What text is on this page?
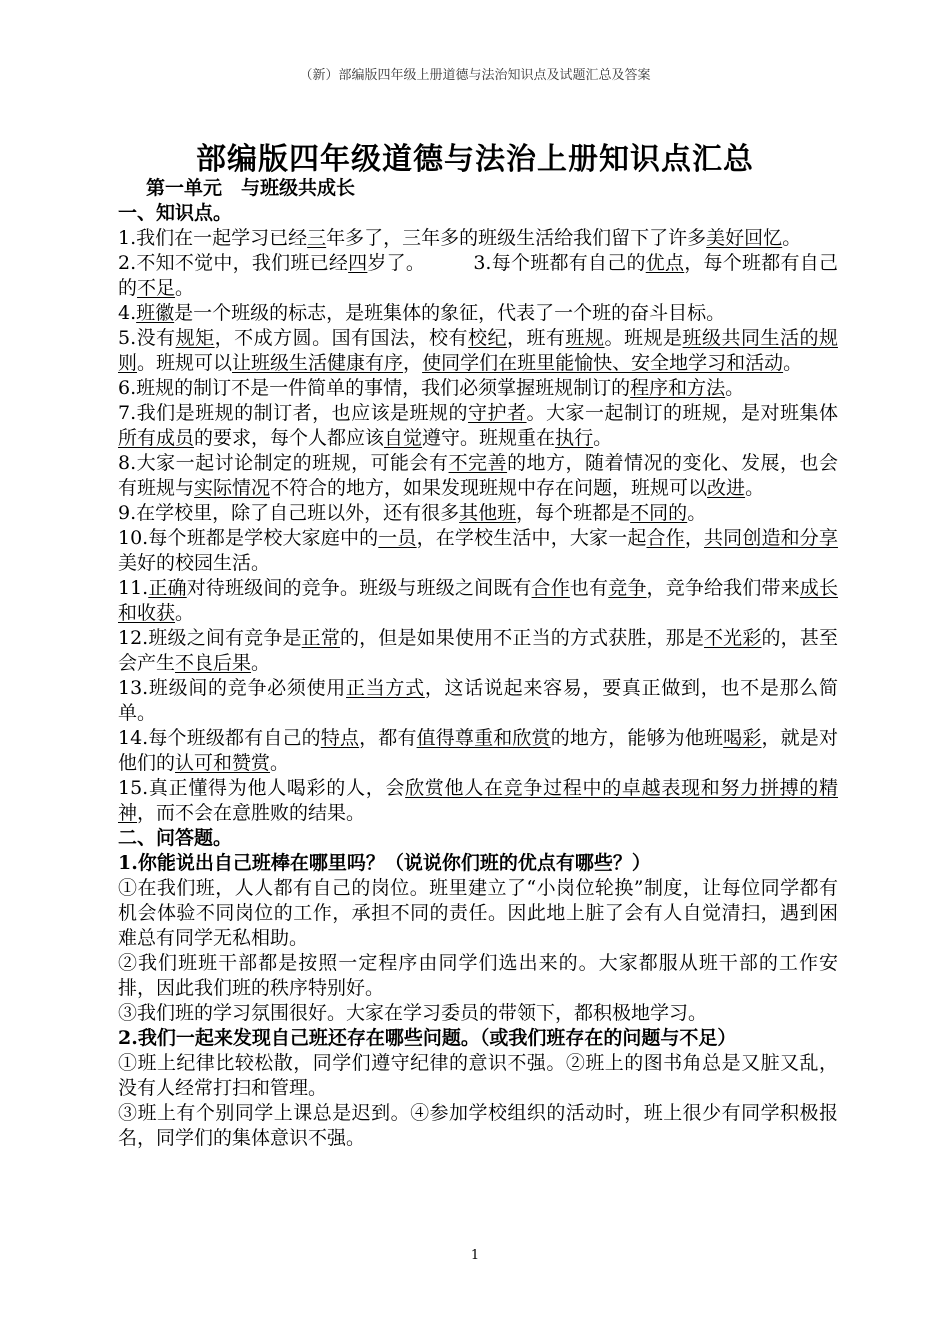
（新）部编版四年级上册道德与法治知识点及试题汇总及答案
部编版四年级道德与法治上册知识点汇总
第一单元　与班级共成长
一、知识点。
1.我们在一起学习已经三年多了，三年多的班级生活给我们留下了许多美好回忆。
2.不知不觉中，我们班已经四岁了。　　　3.每个班都有自己的优点，每个班都有自己的不足。
4.班徽是一个班级的标志，是班集体的象征，代表了一个班的奋斗目标。
5.没有规矩，不成方圆。国有国法，校有校纪，班有班规。班规是班级共同生活的规则。班规可以让班级生活健康有序，使同学们在班里能愉快、安全地学习和活动。
6.班规的制订不是一件简单的事情，我们必须掌握班规制订的程序和方法。
7.我们是班规的制订者，也应该是班规的守护者。大家一起制订的班规，是对班集体所有成员的要求，每个人都应该自觉遵守。班规重在执行。
8.大家一起讨论制定的班规，可能会有不完善的地方，随着情况的变化、发展，也会有班规与实际情况不符合的地方，如果发现班规中存在问题，班规可以改进。
9.在学校里，除了自己班以外，还有很多其他班，每个班都是不同的。
10.每个班都是学校大家庭中的一员，在学校生活中，大家一起合作，共同创造和分享美好的校园生活。
11.正确对待班级间的竞争。班级与班级之间既有合作也有竞争，竞争给我们带来成长和收获。
12.班级之间有竞争是正常的，但是如果使用不正当的方式获胜，那是不光彩的，甚至会产生不良后果。
13.班级间的竞争必须使用正当方式，这话说起来容易，要真正做到，也不是那么简单。
14.每个班级都有自己的特点，都有值得尊重和欣赏的地方，能够为他班喝彩，就是对他们的认可和赞赏。
15.真正懂得为他人喝彩的人，会欣赏他人在竞争过程中的卓越表现和努力拼搏的精神，而不会在意胜败的结果。
二、问答题。
1.你能说出自己班棒在哪里吗？（说说你们班的优点有哪些？）
①在我们班，人人都有自己的岗位。班里建立了“小岗位轮换”制度，让每位同学都有机会体验不同岗位的工作，承担不同的责任。因此地上脏了会有人自觉清扫，遇到困难总有同学无私相助。
②我们班班干部都是按照一定程序由同学们选出来的。大家都服从班干部的工作安排，因此我们班的秩序特别好。
③我们班的学习氛围很好。大家在学习委员的带领下，都积极地学习。
2.我们一起来发现自己班还存在哪些问题。（或我们班存在的问题与不足）
①班上纪律比较松散，同学们遵守纪律的意识不强。②班上的图书角总是又脏又乱，没有人经常打扫和管理。
③班上有个别同学上课总是迟到。④参加学校组织的活动时，班上很少有同学积极报名，同学们的集体意识不强。
1
